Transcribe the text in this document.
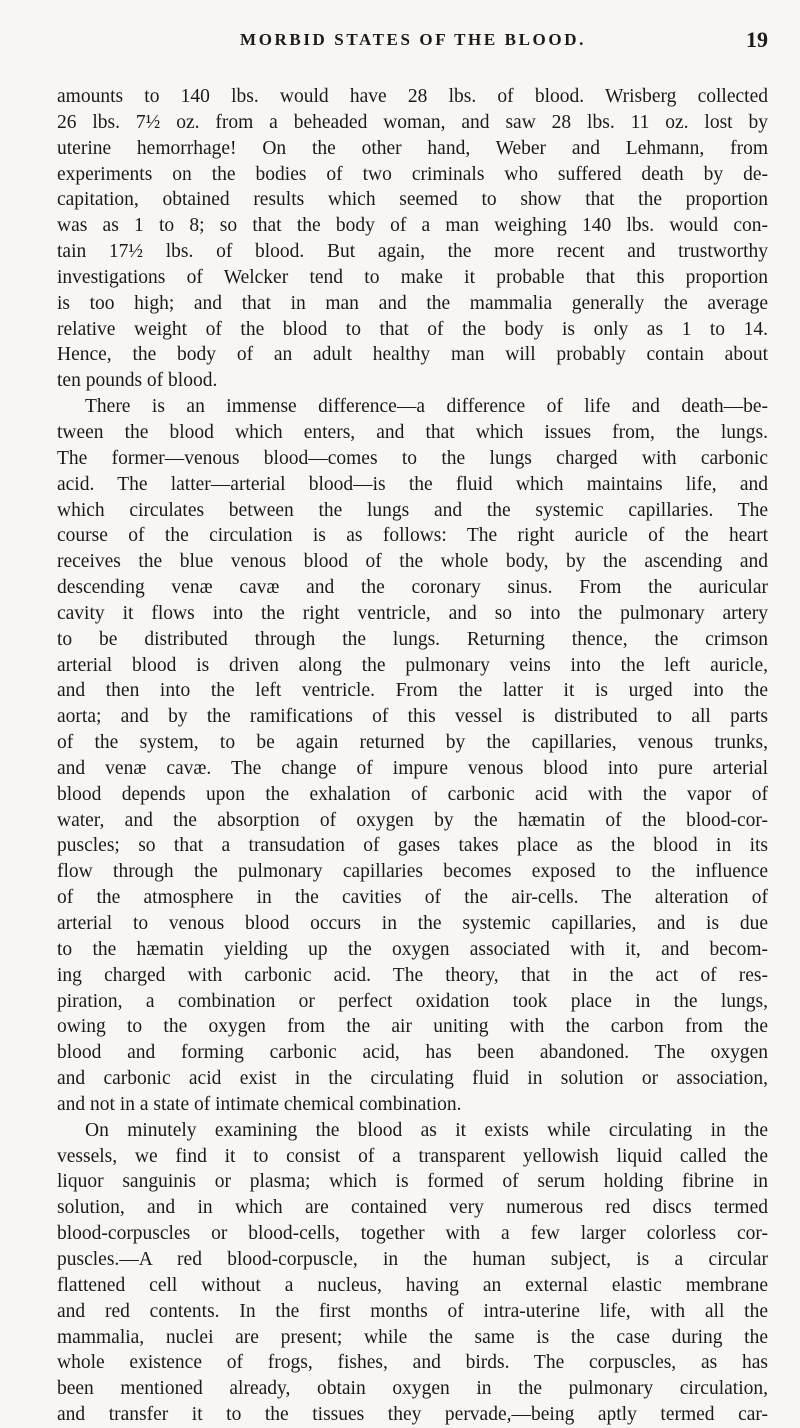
MORBID STATES OF THE BLOOD.	19
amounts to 140 lbs. would have 28 lbs. of blood. Wrisberg collected
26 lbs. 7½ oz. from a beheaded woman, and saw 28 lbs. 11 oz. lost by
uterine hemorrhage! On the other hand, Weber and Lehmann, from
experiments on the bodies of two criminals who suffered death by de-
capitation, obtained results which seemed to show that the proportion
was as 1 to 8; so that the body of a man weighing 140 lbs. would con-
tain 17½ lbs. of blood. But again, the more recent and trustworthy
investigations of Welcker tend to make it probable that this proportion
is too high; and that in man and the mammalia generally the average
relative weight of the blood to that of the body is only as 1 to 14.
Hence, the body of an adult healthy man will probably contain about
ten pounds of blood.
There is an immense difference—a difference of life and death—be-
tween the blood which enters, and that which issues from, the lungs.
The former—venous blood—comes to the lungs charged with carbonic
acid. The latter—arterial blood—is the fluid which maintains life, and
which circulates between the lungs and the systemic capillaries. The
course of the circulation is as follows: The right auricle of the heart
receives the blue venous blood of the whole body, by the ascending and
descending venæ cavæ and the coronary sinus. From the auricular
cavity it flows into the right ventricle, and so into the pulmonary artery
to be distributed through the lungs. Returning thence, the crimson
arterial blood is driven along the pulmonary veins into the left auricle,
and then into the left ventricle. From the latter it is urged into the
aorta; and by the ramifications of this vessel is distributed to all parts
of the system, to be again returned by the capillaries, venous trunks,
and venæ cavæ. The change of impure venous blood into pure arterial
blood depends upon the exhalation of carbonic acid with the vapor of
water, and the absorption of oxygen by the hæmatin of the blood-cor-
puscles; so that a transudation of gases takes place as the blood in its
flow through the pulmonary capillaries becomes exposed to the influence
of the atmosphere in the cavities of the air-cells. The alteration of
arterial to venous blood occurs in the systemic capillaries, and is due
to the hæmatin yielding up the oxygen associated with it, and becom-
ing charged with carbonic acid. The theory, that in the act of res-
piration, a combination or perfect oxidation took place in the lungs,
owing to the oxygen from the air uniting with the carbon from the
blood and forming carbonic acid, has been abandoned. The oxygen
and carbonic acid exist in the circulating fluid in solution or association,
and not in a state of intimate chemical combination.
On minutely examining the blood as it exists while circulating in the
vessels, we find it to consist of a transparent yellowish liquid called the
liquor sanguinis or plasma; which is formed of serum holding fibrine in
solution, and in which are contained very numerous red discs termed
blood-corpuscles or blood-cells, together with a few larger colorless cor-
puscles.—A red blood-corpuscle, in the human subject, is a circular
flattened cell without a nucleus, having an external elastic membrane
and red contents. In the first months of intra-uterine life, with all the
mammalia, nuclei are present; while the same is the case during the
whole existence of frogs, fishes, and birds. The corpuscles, as has
been mentioned already, obtain oxygen in the pulmonary circulation,
and transfer it to the tissues they pervade,—being aptly termed car-
